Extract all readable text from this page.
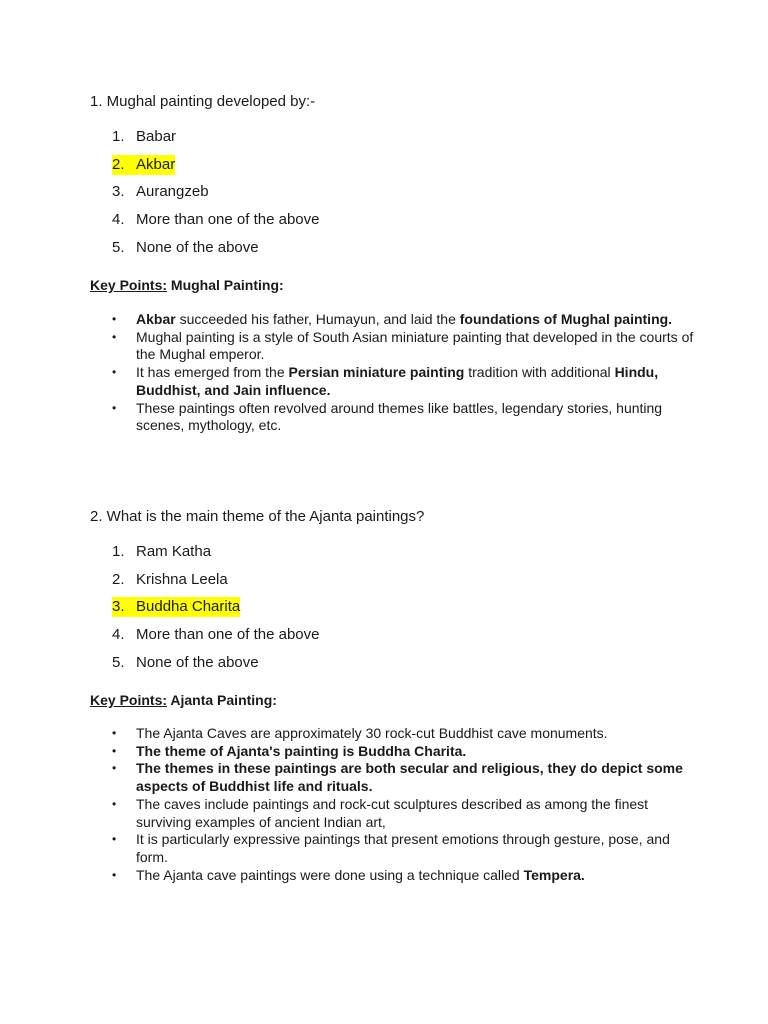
1. Mughal painting developed by:-
1. Babar
2. Akbar
3. Aurangzeb
4. More than one of the above
5. None of the above
Key Points: Mughal Painting:
• Akbar succeeded his father, Humayun, and laid the foundations of Mughal painting.
• Mughal painting is a style of South Asian miniature painting that developed in the courts of the Mughal emperor.
• It has emerged from the Persian miniature painting tradition with additional Hindu, Buddhist, and Jain influence.
• These paintings often revolved around themes like battles, legendary stories, hunting scenes, mythology, etc.
2. What is the main theme of the Ajanta paintings?
1. Ram Katha
2. Krishna Leela
3. Buddha Charita
4. More than one of the above
5. None of the above
Key Points: Ajanta Painting:
• The Ajanta Caves are approximately 30 rock-cut Buddhist cave monuments.
• The theme of Ajanta's painting is Buddha Charita.
• The themes in these paintings are both secular and religious, they do depict some aspects of Buddhist life and rituals.
• The caves include paintings and rock-cut sculptures described as among the finest surviving examples of ancient Indian art,
• It is particularly expressive paintings that present emotions through gesture, pose, and form.
• The Ajanta cave paintings were done using a technique called Tempera.
